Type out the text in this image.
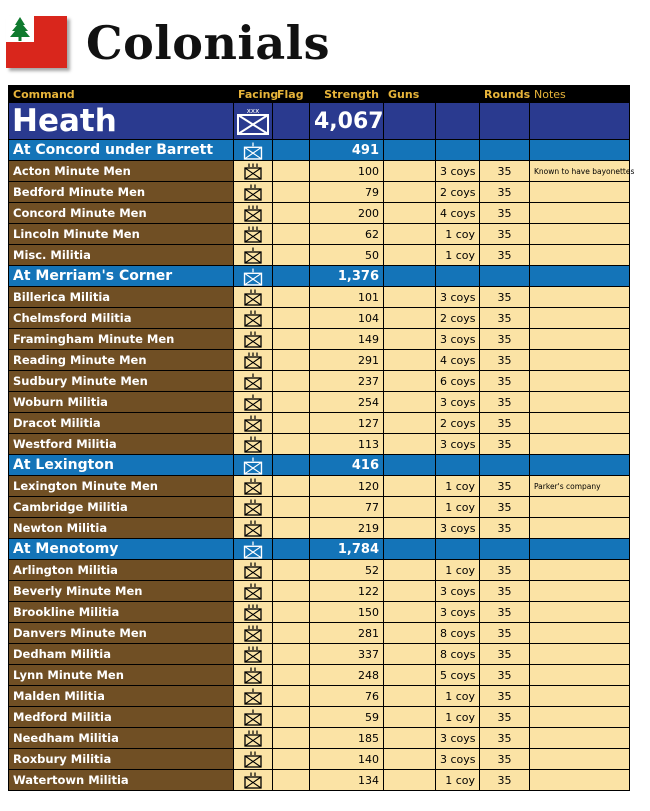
Colonials
Command	Facing	Flag	Strength	Guns		Rounds	Notes
Heath	xxx		4,067				
At Concord under Barrett			491				
Acton Minute Men			100		3 coys	35	Known to have bayonettes
Bedford Minute Men			79		2 coys	35	
Concord Minute Men			200		4 coys	35	
Lincoln Minute Men			62		1 coy	35	
Misc. Militia			50		1 coy	35	
At Merriam's Corner			1,376				
Billerica Militia			101		3 coys	35	
Chelmsford Militia			104		2 coys	35	
Framingham Minute Men			149		3 coys	35	
Reading Minute Men			291		4 coys	35	
Sudbury Minute Men			237		6 coys	35	
Woburn Militia			254		3 coys	35	
Dracot Militia			127		2 coys	35	
Westford Militia			113		3 coys	35	
At Lexington			416				
Lexington Minute Men			120		1 coy	35	Parker's company
Cambridge Militia			77		1 coy	35	
Newton Militia			219		3 coys	35	
At Menotomy			1,784				
Arlington Militia			52		1 coy	35	
Beverly Minute Men			122		3 coys	35	
Brookline Militia			150		3 coys	35	
Danvers Minute Men			281		8 coys	35	
Dedham Militia			337		8 coys	35	
Lynn Minute Men			248		5 coys	35	
Malden Militia			76		1 coy	35	
Medford Militia			59		1 coy	35	
Needham Militia			185		3 coys	35	
Roxbury Militia			140		3 coys	35	
Watertown Militia			134		1 coy	35	
